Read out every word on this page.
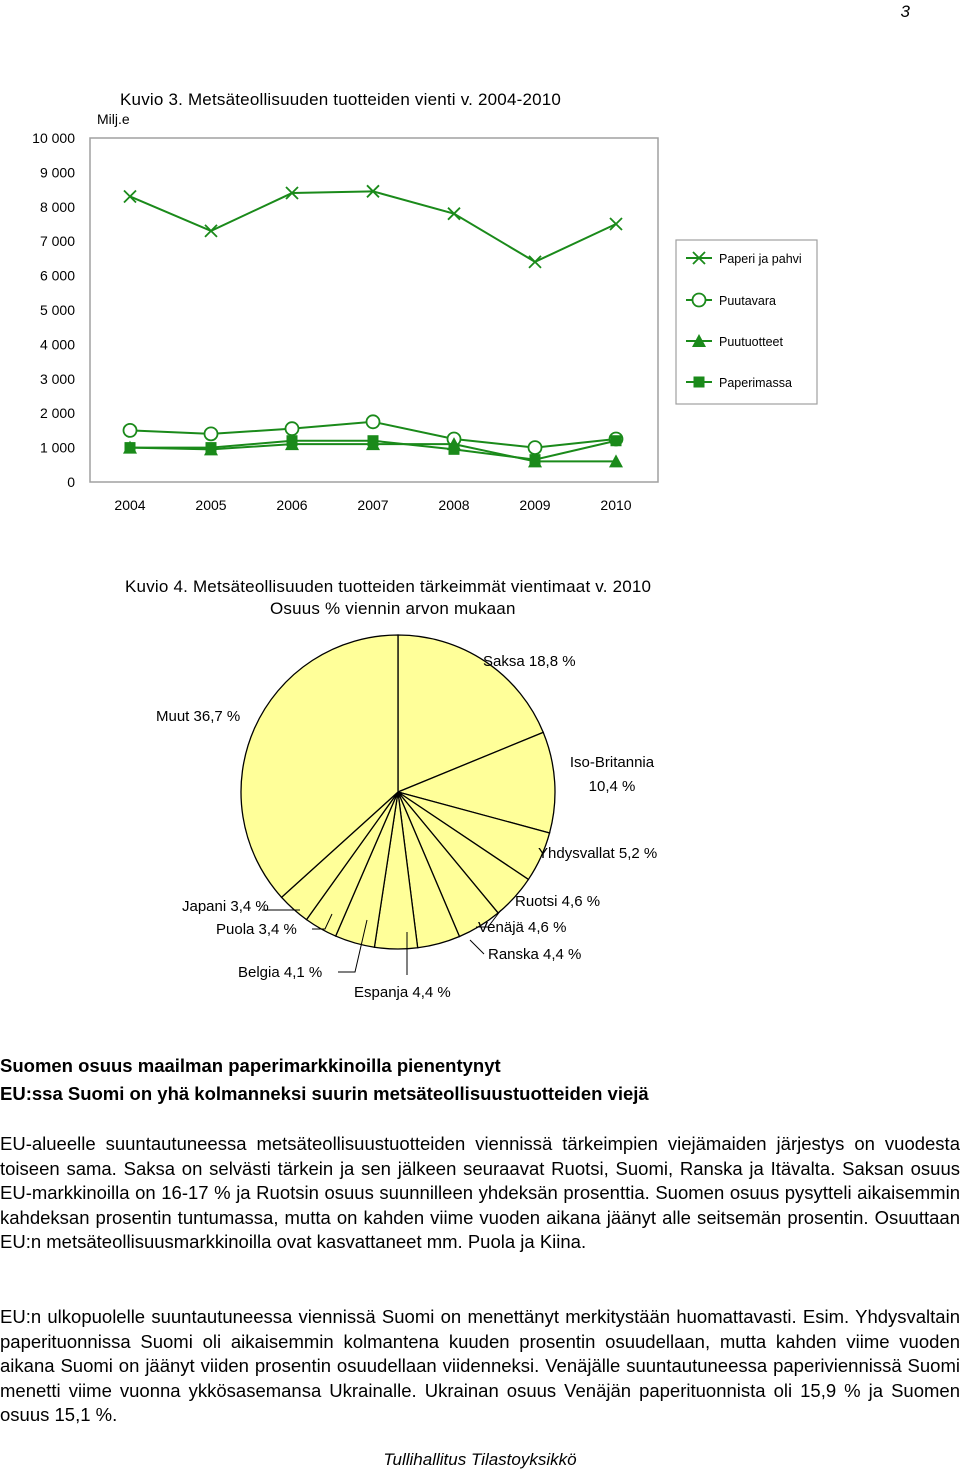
3
Kuvio 3. Metsäteollisuuden tuotteiden vienti v. 2004-2010
Milj.e
0
1 000
2 000
3 000
4 000
5 000
6 000
7 000
8 000
9 000
10 000
2004	2005	2006	2007	2008	2009	2010
Paperi ja pahvi
Puutavara
Puutuotteet
Paperimassa
Kuvio 4. Metsäteollisuuden tuotteiden tärkeimmät vientimaat v. 2010
Osuus % viennin arvon mukaan
Saksa 18,8 %
Iso-Britannia
10,4 %
Yhdysvallat 5,2 %
Ruotsi 4,6 %
Venäjä 4,6 %
Ranska 4,4 %
Espanja 4,4 %
Belgia 4,1 %
Puola 3,4 %
Japani 3,4 %
Muut 36,7 %
Suomen osuus maailman paperimarkkinoilla pienentynyt
EU:ssa Suomi on yhä kolmanneksi suurin metsäteollisuustuotteiden viejä

EU-alueelle suuntautuneessa metsäteollisuustuotteiden viennissä tärkeimpien viejämaiden järjestys on vuodesta toiseen sama. Saksa on selvästi tärkein ja sen jälkeen seuraavat Ruotsi, Suomi, Ranska ja Itävalta. Saksan osuus EU-markkinoilla on 16-17 % ja Ruotsin osuus suunnilleen yhdeksän prosenttia. Suomen osuus pysytteli aikaisemmin kahdeksan prosentin tuntumassa, mutta on kahden viime vuoden aikana jäänyt alle seitsemän prosentin. Osuuttaan EU:n metsäteollisuusmarkkinoilla ovat kasvattaneet mm. Puola ja Kiina.

EU:n ulkopuolelle suuntautuneessa viennissä Suomi on menettänyt merkitystään huomattavasti. Esim. Yhdysvaltain paperituonnissa Suomi oli aikaisemmin kolmantena kuuden prosentin osuudellaan, mutta kahden viime vuoden aikana Suomi on jäänyt viiden prosentin osuudellaan viidenneksi. Venäjälle suuntautuneessa paperiviennissä Suomi menetti viime vuonna ykkösasemansa Ukrainalle. Ukrainan osuus Venäjän paperituonnista oli 15,9 % ja Suomen osuus 15,1 %.

Tullihallitus Tilastoyksikkö
